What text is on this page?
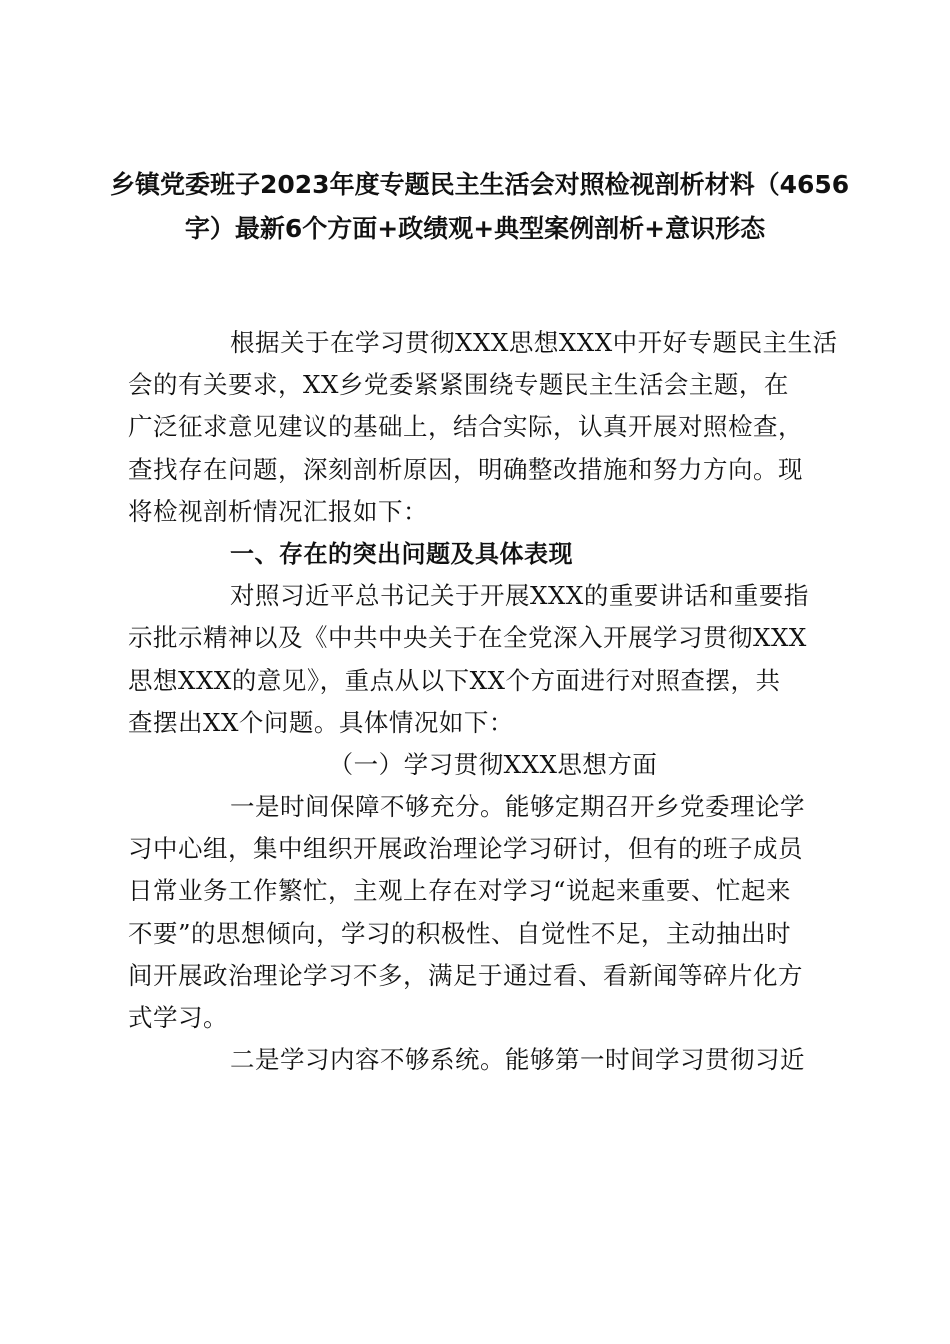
乡镇党委班子2023年度专题民主生活会对照检视剖析材料（4656
字）最新6个方面+政绩观+典型案例剖析+意识形态
根据关于在学习贯彻XXX思想XXX中开好专题民主生活
会的有关要求，XX乡党委紧紧围绕专题民主生活会主题，在
广泛征求意见建议的基础上，结合实际，认真开展对照检查，
查找存在问题，深刻剖析原因，明确整改措施和努力方向。现
将检视剖析情况汇报如下：
一、存在的突出问题及具体表现
对照习近平总书记关于开展XXX的重要讲话和重要指
示批示精神以及《中共中央关于在全党深入开展学习贯彻XXX
思想XXX的意见》，重点从以下XX个方面进行对照查摆，共
查摆出XX个问题。具体情况如下：
（一）学习贯彻XXX思想方面
一是时间保障不够充分。能够定期召开乡党委理论学
习中心组，集中组织开展政治理论学习研讨，但有的班子成员
日常业务工作繁忙，主观上存在对学习“说起来重要、忙起来
不要”的思想倾向，学习的积极性、自觉性不足，主动抽出时
间开展政治理论学习不多，满足于通过看、看新闻等碎片化方
式学习。
二是学习内容不够系统。能够第一时间学习贯彻习近
